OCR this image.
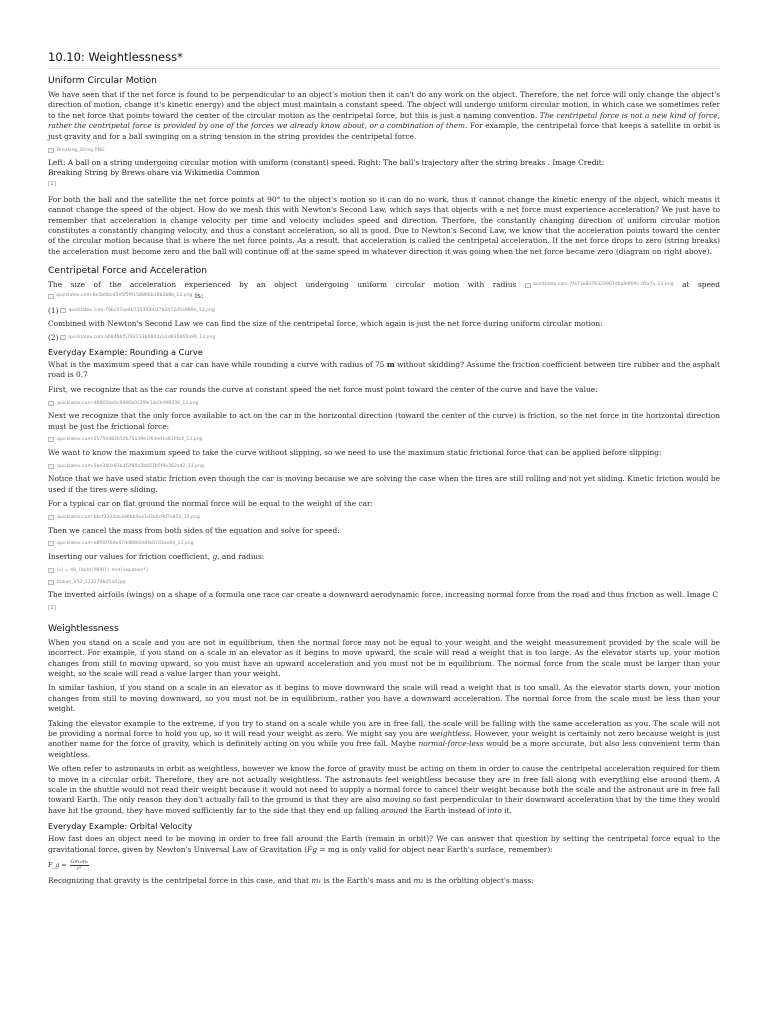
10.10: Weightlessness*
Uniform Circular Motion

We have seen that if the net force is found to be perpendicular to an object's motion then it can't do any work on the object. Therefore, the net force will only change the object's direction of motion, change it's kinetic energy) and the object must maintain a constant speed. The object will undergo uniform circular motion, in which case we sometimes refer to the net force that points toward the center of the circular motion as the centripetal force, but this is just a naming convention. The centripetal force is not a new kind of force, rather the centripetal force is provided by one of the forces we already know about, or a combination of them. For example, the centripetal force that keeps a satellite in orbit is just gravity and for a ball swinging on a string tension in the string provides the centripetal force.

Breaking_String.PNG
Left: A ball on a string undergoing circular motion with uniform (constant) speed. Right: The ball's trajectory after the string breaks . Image Credit:
Breaking String by Brews ohare via Wikimedia Common
[1]

For both the ball and the satellite the net force points at 90° to the object's motion so it can do no work, thus it cannot change the kinetic energy of the object, which means it cannot change the speed of the object. How do we mesh this with Newton's Second Law, which says that objects with a net force must experience acceleration? We just have to remember that acceleration is change velocity per time and velocity includes speed and direction. Therfore, the constantly changing direction of uniform circular motion constitutes a constantly changing velocity, and thus a constant acceleration, so all is good. Due to Newton's Second Law, we know that the acceleration points toward the center of the circular motion because that is where the net force points. As a result, that acceleration is called the centripetal acceleration. If the net force drops to zero (string breaks) the acceleration must become zero and the ball will continue off at the same speed in whatever direction it was going when the net force became zero (diagram on right above).

Centripetal Force and Acceleration

The size of the acceleration experienced by an object undergoing uniform circular motion with radius	quicklatex.com-7fa73e8476320967d6a94f09c-d5a7a_13.png at speed
quicklatex.com-6e5b0bcd5e5f5f9158866b16b2b8b_13.png is:

(1) quicklatex.com-79bc57ae4b7353f0b037b2d72d5a989e_13.png

Combined with Newton's Second Law we can find the size of the centripetal force, which again is just the net force during uniform circular motion:

(2) quicklatex.com-ab84b6f5792213b08442a1d830d60a99_13.png
Everyday Example: Rounding a Curve

What is the maximum speed that a car can have while rounding a curve with radius of 75 m without skidding? Assume the friction coefficient between tire rubber and the asphalt road is 0.7

First, we recognize that as the car rounds the curve at constant speed the net force must point toward the center of the curve and have the value:

quicklatex.com-46865be0c9466b0c3f8e1dc0e9f8336_13.png

Next we recognize that the only force available to act on the car in the horizontal direction (toward the center of the curve) is friction, so the net force in the horizontal direction must be just the frictional force:

quicklatex.com-25759482b50b75a39e1f64ed1e81fdb4_13.png

We want to know the maximum speed to take the curve without slipping, so we need to use the maximum static frictional force that can be applied before slipping:

quicklatex.com-5be340a83b4f2f89a5b667b5f9a382e42_13.png

Notice that we have used static friction even though the car is moving because we are solving the case when the tires are still rolling and not yet sliding. Kinetic friction would be used if the tires were sliding.

For a typical car on flat ground the normal force will be equal to the weight of the car:

quicklatex.com-bbcf3202aa3d6bb0ee1d3a6c9d7e851_13.png

Then we cancel the mass from both sides of the equation and solve for speed:

quicklatex.com-e8f0076de47dd8660d4fe07d3ae6d_13.png

Inserting our values for friction coefficient, g, and radius:

[v] = 49_{bold{MPH}} end{equation*}
Italian_V12_2232706453d.jpg

The inverted airfoils (wings) on a shape of a formula one race car create a downward aerodynamic force, increasing normal force from the road and thus friction as well. Image C

[2]
Weightlessness

When you stand on a scale and you are not in equilibrium, then the normal force may not be equal to your weight and the weight measurement provided by the scale will be incorrect. For example, if you stand on a scale in an elevator as it begins to move upward, the scale will read a weight that is too large. As the elevator starts up, your motion changes from still to moving upward, so you must have an upward acceleration and you must not be in equilibrium. The normal force from the scale must be larger than your weight, so the scale will read a value larger than your weight.

In similar fashion, if you stand on a scale in an elevator as it begins to move downward the scale will read a weight that is too small. As the elevator starts down, your motion changes from still to moving downward, so you must not be in equilibrium, rather you have a downward acceleration. The normal force from the scale must be less than your weight.

Taking the elevator example to the extreme, if you try to stand on a scale while you are in free fall, the scale will be falling with the same acceleration as you. The scale will not be providing a normal force to hold you up, so it will read your weight as zero. We might say you are weightless. However, your weight is certainly not zero because weight is just another name for the force of gravity, which is definitely acting on you while you free fall. Maybe normal-force-less would be a more accurate, but also less convenient term than weightless.

We often refer to astronauts in orbit as weightless, however we know the force of gravity must be acting on them in order to cause the centripetal acceleration required for them to move in a circular orbit. Therefore, they are not actually weightless. The astronauts feel weightless because they are in free fall along with everything else around them. A scale in the shuttle would not read their weight because it would not need to supply a normal force to cancel their weight because both the scale and the astronaut are in free fall toward Earth. The only reason they don't actually fall to the ground is that they are also moving so fast perpendicular to their downward acceleration that by the time they would have hit the ground, they have moved sufficiently far to the side that they end up falling around the Earth instead of into it.

Everyday Example: Orbital Velocity

How fast does an object need to be moving in order to free fall around the Earth (remain in orbit)? We can answer that question by setting the centripetal force equal to the gravitational force, given by Newton's Universal Law of Gravitation (Fg = mg is only valid for object near Earth's surface, remember):

F_g = $\frac{\text{Gm₁m₂}}{\text{r²}}$

Recognizing that gravity is the centripetal force in this case, and that m₁ is the Earth's mass and m₂ is the orbiting object's mass:
